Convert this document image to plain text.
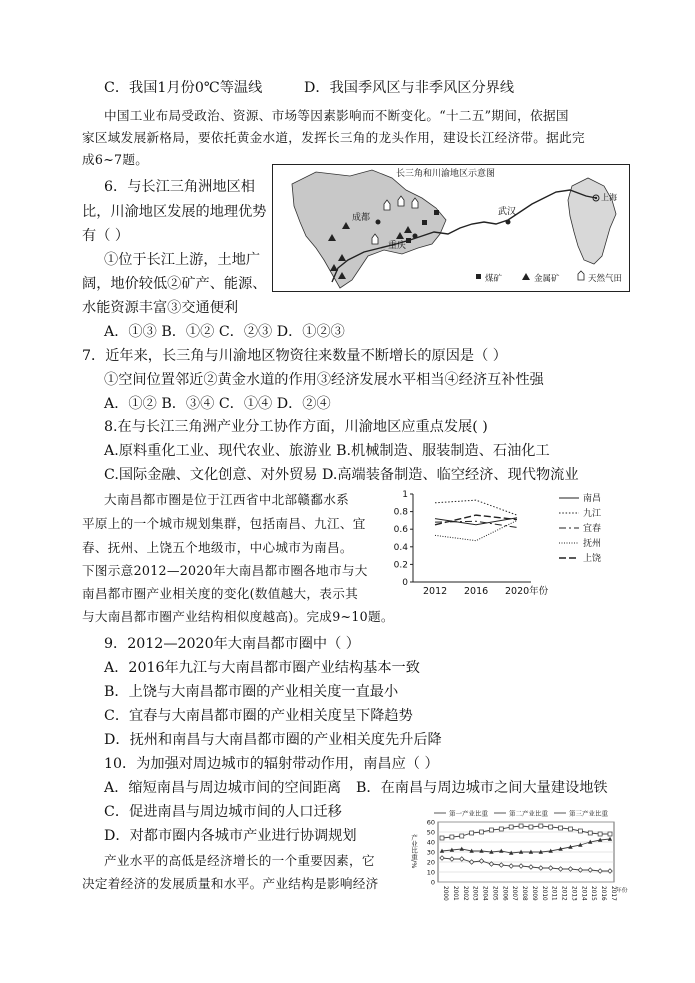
C．我国1月份0℃等温线	D．我国季风区与非季风区分界线
中国工业布局受政治、资源、市场等因素影响而不断变化。“十二五”期间，依据国
家区域发展新格局，要依托黄金水道，发挥长三角的龙头作用，建设长江经济带。据此完
成6~7题。
6．与长江三角洲地区相
比，川渝地区发展的地理优势
有（ ）
①位于长江上游，土地广
阔，地价较低②矿产、能源、
水能资源丰富③交通便利
A．①③ B．①② C．②③ D．①②③
7．近年来，长三角与川渝地区物资往来数量不断增长的原因是（ ）
①空间位置邻近②黄金水道的作用③经济发展水平相当④经济互补性强
A．①② B．③④ C．①④ D．②④
8.在与长江三角洲产业分工协作方面，川渝地区应重点发展( )
A.原料重化工业、现代农业、旅游业 B.机械制造、服装制造、石油化工
C.国际金融、文化创意、对外贸易 D.高端装备制造、临空经济、现代物流业
大南昌都市圈是位于江西省中北部赣鄱水系
平原上的一个城市规划集群，包括南昌、九江、宜
春、抚州、上饶五个地级市，中心城市为南昌。
下图示意2012—2020年大南昌都市圈各地市与大
南昌都市圈产业相关度的变化(数值越大，表示其
与大南昌都市圈产业结构相似度越高)。完成9~10题。
9．2012—2020年大南昌都市圈中（ ）
A．2016年九江与大南昌都市圈产业结构基本一致
B．上饶与大南昌都市圈的产业相关度一直最小
C．宜春与大南昌都市圈的产业相关度呈下降趋势
D．抚州和南昌与大南昌都市圈的产业相关度先升后降
10．为加强对周边城市的辐射带动作用，南昌应（ ）
A．缩短南昌与周边城市间的空间距离 B．在南昌与周边城市之间大量建设地铁
C．促进南昌与周边城市间的人口迁移
D．对都市圈内各城市产业进行协调规划
产业水平的高低是经济增长的一个重要因素，它
决定着经济的发展质量和水平。产业结构是影响经济
长三角和川渝地区示意图
成都
重庆
武汉
上海
煤矿	金属矿	天然气田
0
0.2
0.4
0.6
0.8
1
2012 2016 2020年份
南昌
九江
宜春
抚州
上饶
0
10
20
30
40
50
60
2000 2001 2002 2003 2004 2005 2006 2007 2008 2009 2010 2011 2012 2013 2014 2015 2016 2017 年份
产业比重/%
第一产业比重	第二产业比重	第三产业比重
